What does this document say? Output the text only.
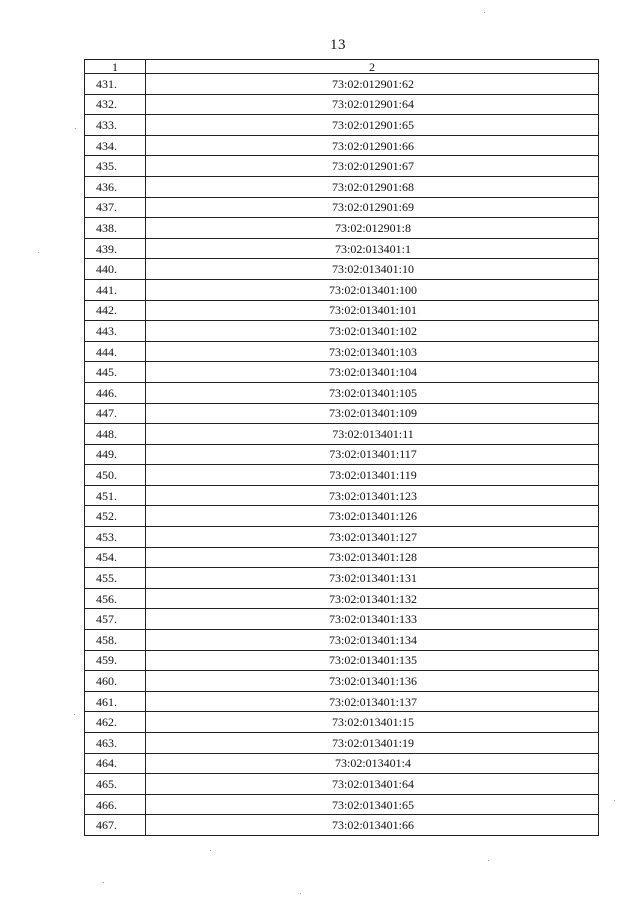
13
1	2
431.	73:02:012901:62
432.	73:02:012901:64
433.	73:02:012901:65
434.	73:02:012901:66
435.	73:02:012901:67
436.	73:02:012901:68
437.	73:02:012901:69
438.	73:02:012901:8
439.	73:02:013401:1
440.	73:02:013401:10
441.	73:02:013401:100
442.	73:02:013401:101
443.	73:02:013401:102
444.	73:02:013401:103
445.	73:02:013401:104
446.	73:02:013401:105
447.	73:02:013401:109
448.	73:02:013401:11
449.	73:02:013401:117
450.	73:02:013401:119
451.	73:02:013401:123
452.	73:02:013401:126
453.	73:02:013401:127
454.	73:02:013401:128
455.	73:02:013401:131
456.	73:02:013401:132
457.	73:02:013401:133
458.	73:02:013401:134
459.	73:02:013401:135
460.	73:02:013401:136
461.	73:02:013401:137
462.	73:02:013401:15
463.	73:02:013401:19
464.	73:02:013401:4
465.	73:02:013401:64
466.	73:02:013401:65
467.	73:02:013401:66
